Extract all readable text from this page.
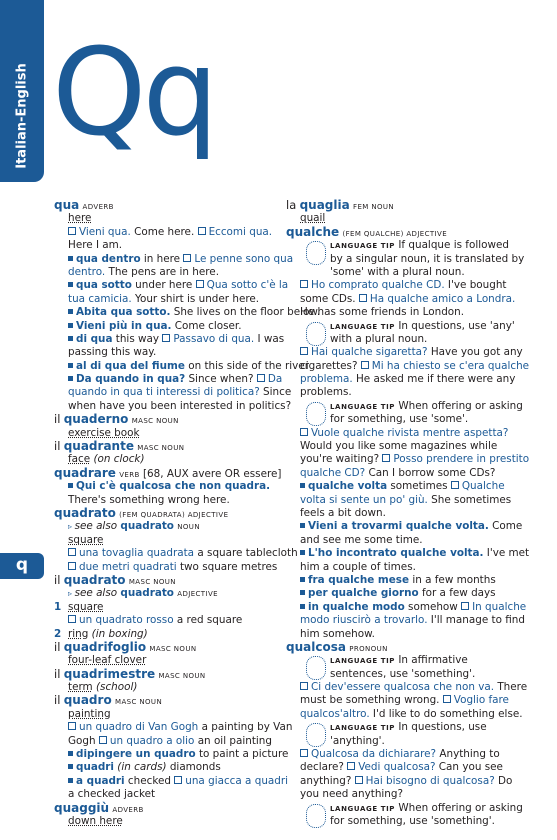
Italian-English Qq
q
qua ADVERB
here
Vieni qua. Come here. Eccomi qua.
Here I am.
qua dentro in here Le penne sono qua
dentro. The pens are in here.
qua sotto under here Qua sotto c'è la
tua camicia. Your shirt is under here.
Abita qua sotto. She lives on the floor below.
Vieni più in qua. Come closer.
di qua this way Passavo di qua. I was
passing this way.
al di qua del fiume on this side of the river
Da quando in qua? Since when? Da
quando in qua ti interessi di politica? Since
when have you been interested in politics?
il quaderno MASC NOUN
exercise book
il quadrante MASC NOUN
face (on clock)
quadrare VERB [68, AUX avere OR essere]
Qui c'è qualcosa che non quadra.
There's something wrong here.
quadrato (FEM QUADRATA) ADJECTIVE
▹ see also quadrato NOUN
square
una tovaglia quadrata a square tablecloth
due metri quadrati two square metres
il quadrato MASC NOUN
▹ see also quadrato ADJECTIVE
1 square
un quadrato rosso a red square
2 ring (in boxing)
il quadrifoglio MASC NOUN
four-leaf clover
il quadrimestre MASC NOUN
term (school)
il quadro MASC NOUN
painting
un quadro di Van Gogh a painting by Van
Gogh un quadro a olio an oil painting
dipingere un quadro to paint a picture
quadri (in cards) diamonds
a quadri checked una giacca a quadri
a checked jacket
quaggiù ADVERB
down here
la quaglia FEM NOUN
quail
qualche (FEM QUALCHE) ADJECTIVE
LANGUAGE TIP If qualque is followed
by a singular noun, it is translated by
'some' with a plural noun.
Ho comprato qualche CD. I've bought
some CDs. Ha qualche amico a Londra.
He has some friends in London.
LANGUAGE TIP In questions, use 'any'
with a plural noun.
Hai qualche sigaretta? Have you got any
cigarettes? Mi ha chiesto se c'era qualche
problema. He asked me if there were any
problems.
LANGUAGE TIP When offering or asking
for something, use 'some'.
Vuole qualche rivista mentre aspetta?
Would you like some magazines while
you're waiting? Posso prendere in prestito
qualche CD? Can I borrow some CDs?
qualche volta sometimes Qualche
volta si sente un po' giù. She sometimes
feels a bit down.
Vieni a trovarmi qualche volta. Come
and see me some time.
L'ho incontrato qualche volta. I've met
him a couple of times.
fra qualche mese in a few months
per qualche giorno for a few days
in qualche modo somehow In qualche
modo riuscirò a trovarlo. I'll manage to find
him somehow.
qualcosa PRONOUN
LANGUAGE TIP In affirmative
sentences, use 'something'.
Ci dev'essere qualcosa che non va. There
must be something wrong. Voglio fare
qualcos'altro. I'd like to do something else.
LANGUAGE TIP In questions, use
'anything'.
Qualcosa da dichiarare? Anything to
declare? Vedi qualcosa? Can you see
anything? Hai bisogno di qualcosa? Do
you need anything?
LANGUAGE TIP When offering or asking
for something, use 'something'.
